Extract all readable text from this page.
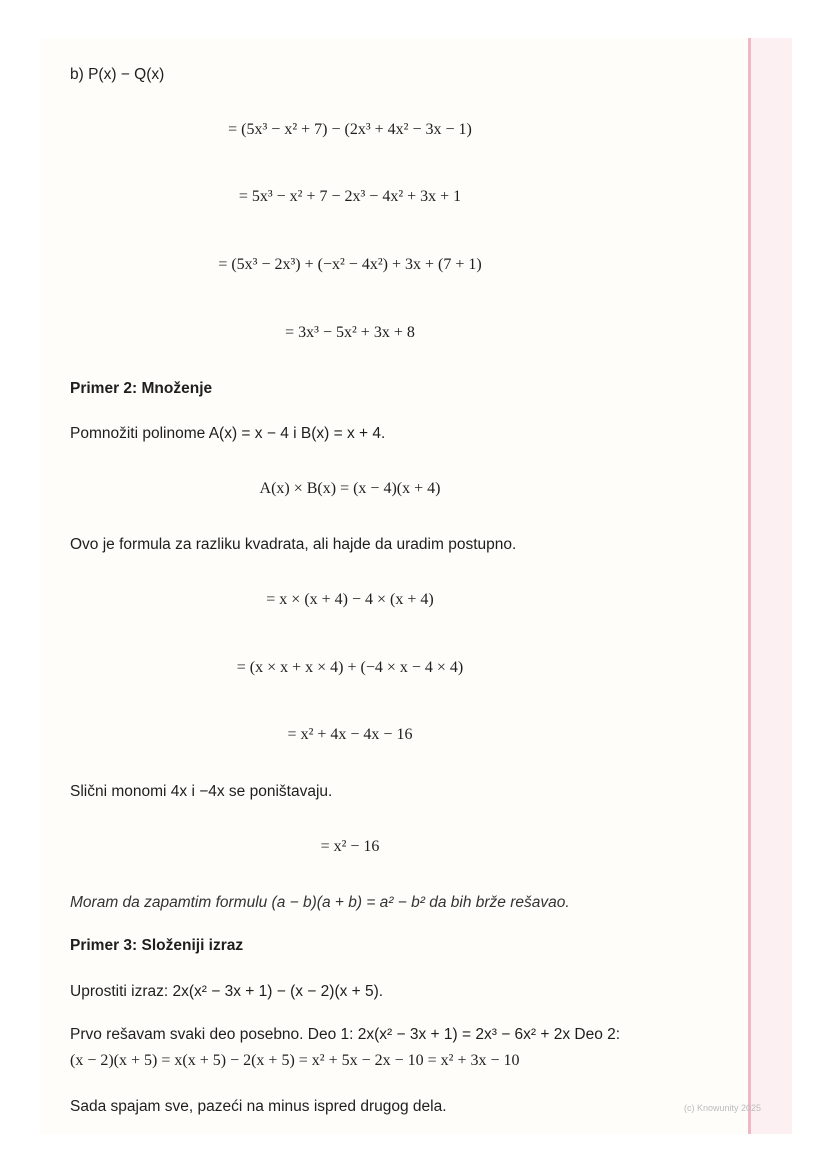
b) P(x) − Q(x)
= (5x³ − x² + 7) − (2x³ + 4x² − 3x − 1)
= 5x³ − x² + 7 − 2x³ − 4x² + 3x + 1
= (5x³ − 2x³) + (−x² − 4x²) + 3x + (7 + 1)
= 3x³ − 5x² + 3x + 8
Primer 2: Množenje
Pomnožiti polinome A(x) = x − 4 i B(x) = x + 4.
A(x) × B(x) = (x − 4)(x + 4)
Ovo je formula za razliku kvadrata, ali hajde da uradim postupno.
= x × (x + 4) − 4 × (x + 4)
= (x × x + x × 4) + (−4 × x − 4 × 4)
= x² + 4x − 4x − 16
Slični monomi 4x i −4x se poništavaju.
= x² − 16
Moram da zapamtim formulu (a − b)(a + b) = a² − b² da bih brže rešavao.
Primer 3: Složeniji izraz
Uprostiti izraz: 2x(x² − 3x + 1) − (x − 2)(x + 5).
Prvo rešavam svaki deo posebno. Deo 1: 2x(x² − 3x + 1) = 2x³ − 6x² + 2x Deo 2:
(x − 2)(x + 5) = x(x + 5) − 2(x + 5) = x² + 5x − 2x − 10 = x² + 3x − 10
Sada spajam sve, pazeći na minus ispred drugog dela.	(c) Knowunity 2025
